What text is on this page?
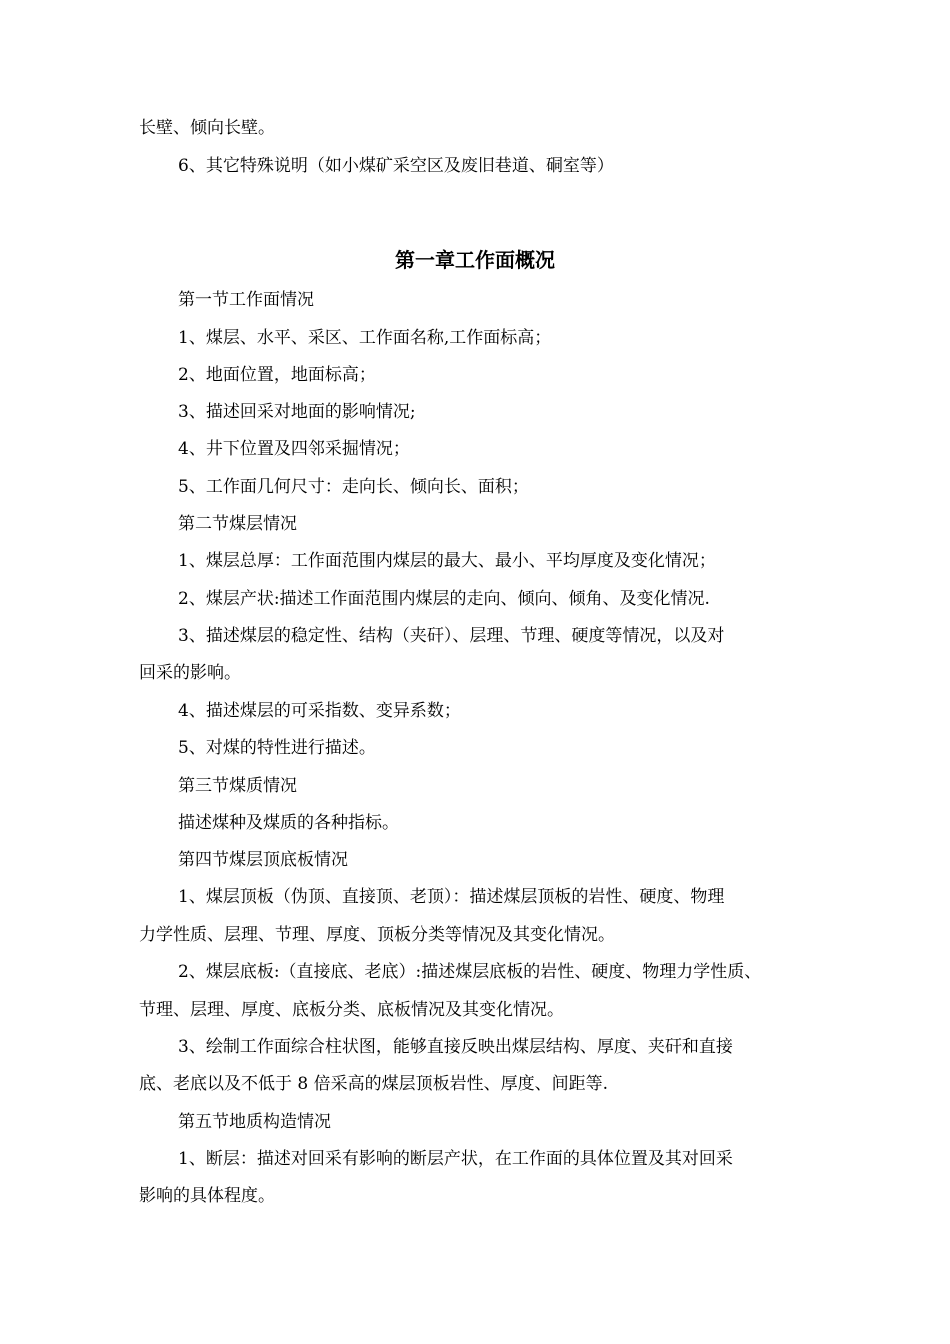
长壁、倾向长壁。
6、其它特殊说明（如小煤矿采空区及废旧巷道、硐室等）
第一章工作面概况
第一节工作面情况
1、煤层、水平、采区、工作面名称,工作面标高；
2、地面位置，地面标高；
3、描述回采对地面的影响情况;
4、井下位置及四邻采掘情况；
5、工作面几何尺寸：走向长、倾向长、面积；
第二节煤层情况
1、煤层总厚：工作面范围内煤层的最大、最小、平均厚度及变化情况；
2、煤层产状:描述工作面范围内煤层的走向、倾向、倾角、及变化情况.
3、描述煤层的稳定性、结构（夹矸）、层理、节理、硬度等情况，以及对
回采的影响。
4、描述煤层的可采指数、变异系数；
5、对煤的特性进行描述。
第三节煤质情况
描述煤种及煤质的各种指标。
第四节煤层顶底板情况
1、煤层顶板（伪顶、直接顶、老顶）：描述煤层顶板的岩性、硬度、物理
力学性质、层理、节理、厚度、顶板分类等情况及其变化情况。
2、煤层底板:（直接底、老底）:描述煤层底板的岩性、硬度、物理力学性质、
节理、层理、厚度、底板分类、底板情况及其变化情况。
3、绘制工作面综合柱状图，能够直接反映出煤层结构、厚度、夹矸和直接
底、老底以及不低于 8 倍采高的煤层顶板岩性、厚度、间距等.
第五节地质构造情况
1、断层：描述对回采有影响的断层产状，在工作面的具体位置及其对回采
影响的具体程度。
